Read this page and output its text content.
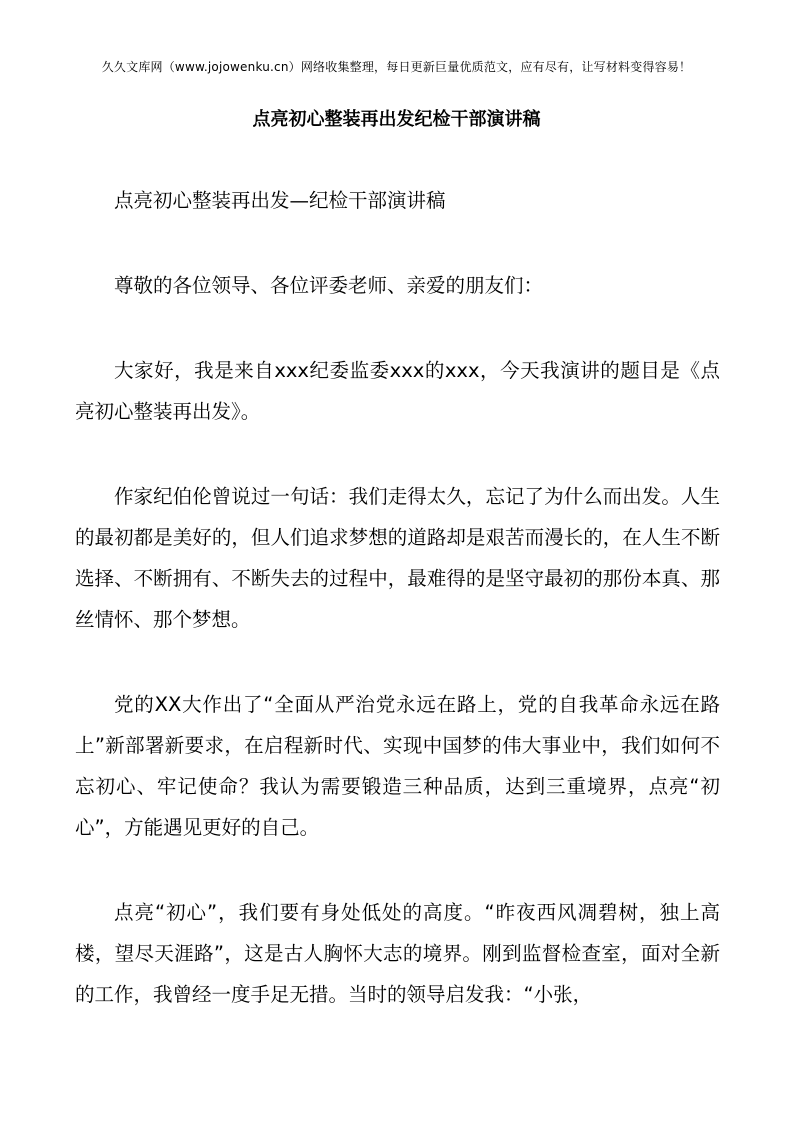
久久文库网（www.jojowenku.cn）网络收集整理，每日更新巨量优质范文，应有尽有，让写材料变得容易！
点亮初心整装再出发纪检干部演讲稿

点亮初心整装再出发—纪检干部演讲稿

尊敬的各位领导、各位评委老师、亲爱的朋友们：

大家好，我是来自xxx纪委监委xxx的xxx，今天我演讲的题目是《点亮初心整装再出发》。

作家纪伯伦曾说过一句话：我们走得太久，忘记了为什么而出发。人生的最初都是美好的，但人们追求梦想的道路却是艰苦而漫长的，在人生不断选择、不断拥有、不断失去的过程中，最难得的是坚守最初的那份本真、那丝情怀、那个梦想。

党的XX大作出了“全面从严治党永远在路上，党的自我革命永远在路上”新部署新要求，在启程新时代、实现中国梦的伟大事业中，我们如何不忘初心、牢记使命？我认为需要锻造三种品质，达到三重境界，点亮“初心”，方能遇见更好的自己。

点亮“初心”，我们要有身处低处的高度。“昨夜西风凋碧树，独上高楼，望尽天涯路”，这是古人胸怀大志的境界。刚到监督检查室，面对全新的工作，我曾经一度手足无措。当时的领导启发我：“小张，
